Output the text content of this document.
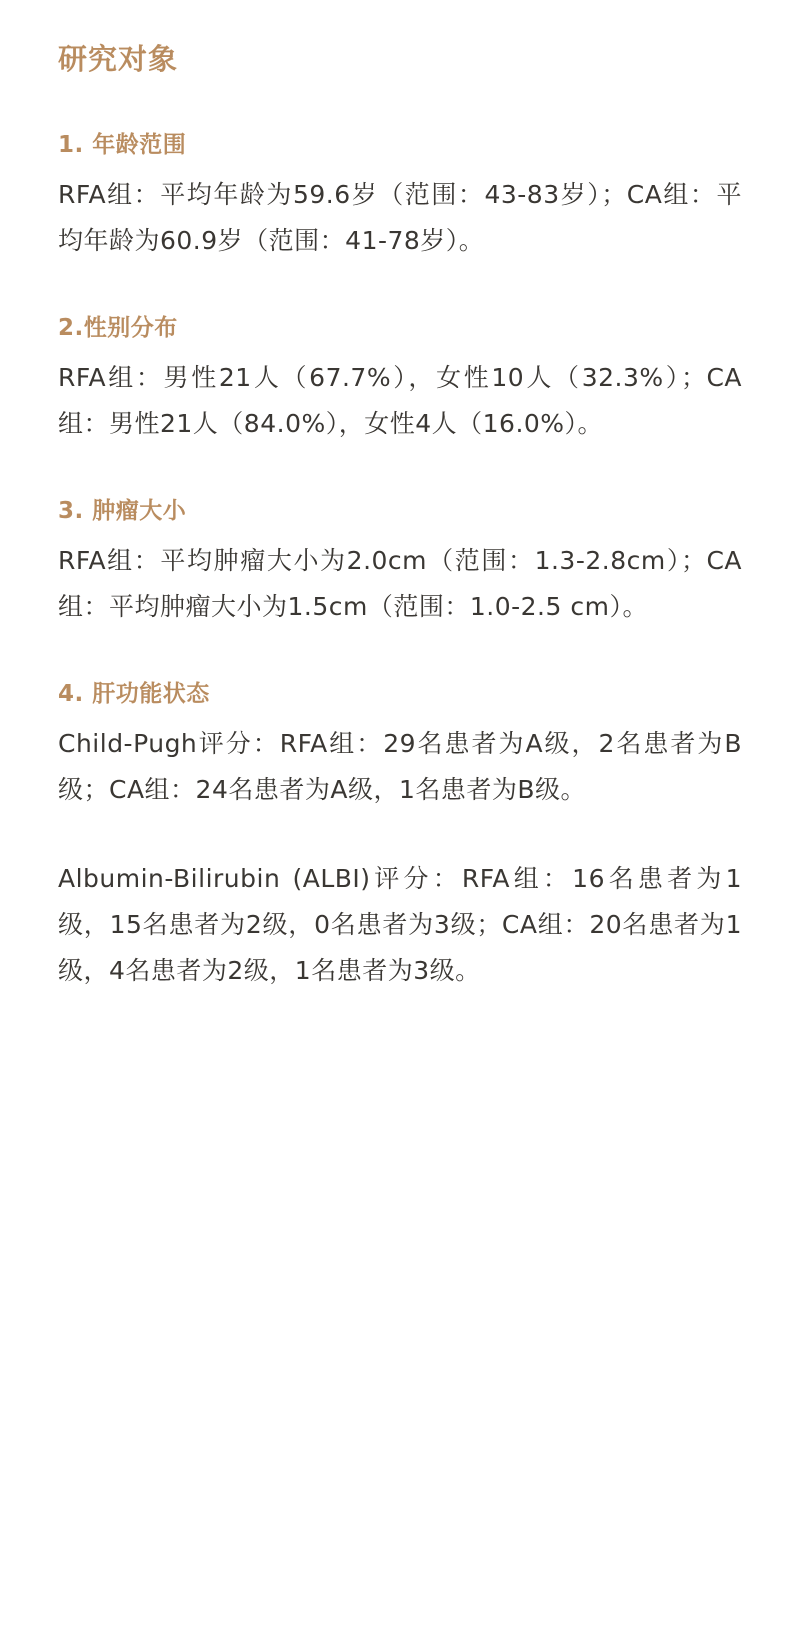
研究对象
1. 年龄范围

RFA组：平均年龄为59.6岁（范围：43-83岁）；CA组：平均年龄为60.9岁（范围：41-78岁）。

2.性别分布

RFA组：男性21人（67.7%），女性10人（32.3%）；CA组：男性21人（84.0%），女性4人（16.0%）。

3. 肿瘤大小

RFA组：平均肿瘤大小为2.0cm（范围：1.3-2.8cm）；CA组：平均肿瘤大小为1.5cm（范围：1.0-2.5 cm）。

4. 肝功能状态

Child-Pugh评分：RFA组：29名患者为A级，2名患者为B级；CA组：24名患者为A级，1名患者为B级。

Albumin-Bilirubin (ALBI)评分：RFA组：16名患者为1级，15名患者为2级，0名患者为3级；CA组：20名患者为1级，4名患者为2级，1名患者为3级。
